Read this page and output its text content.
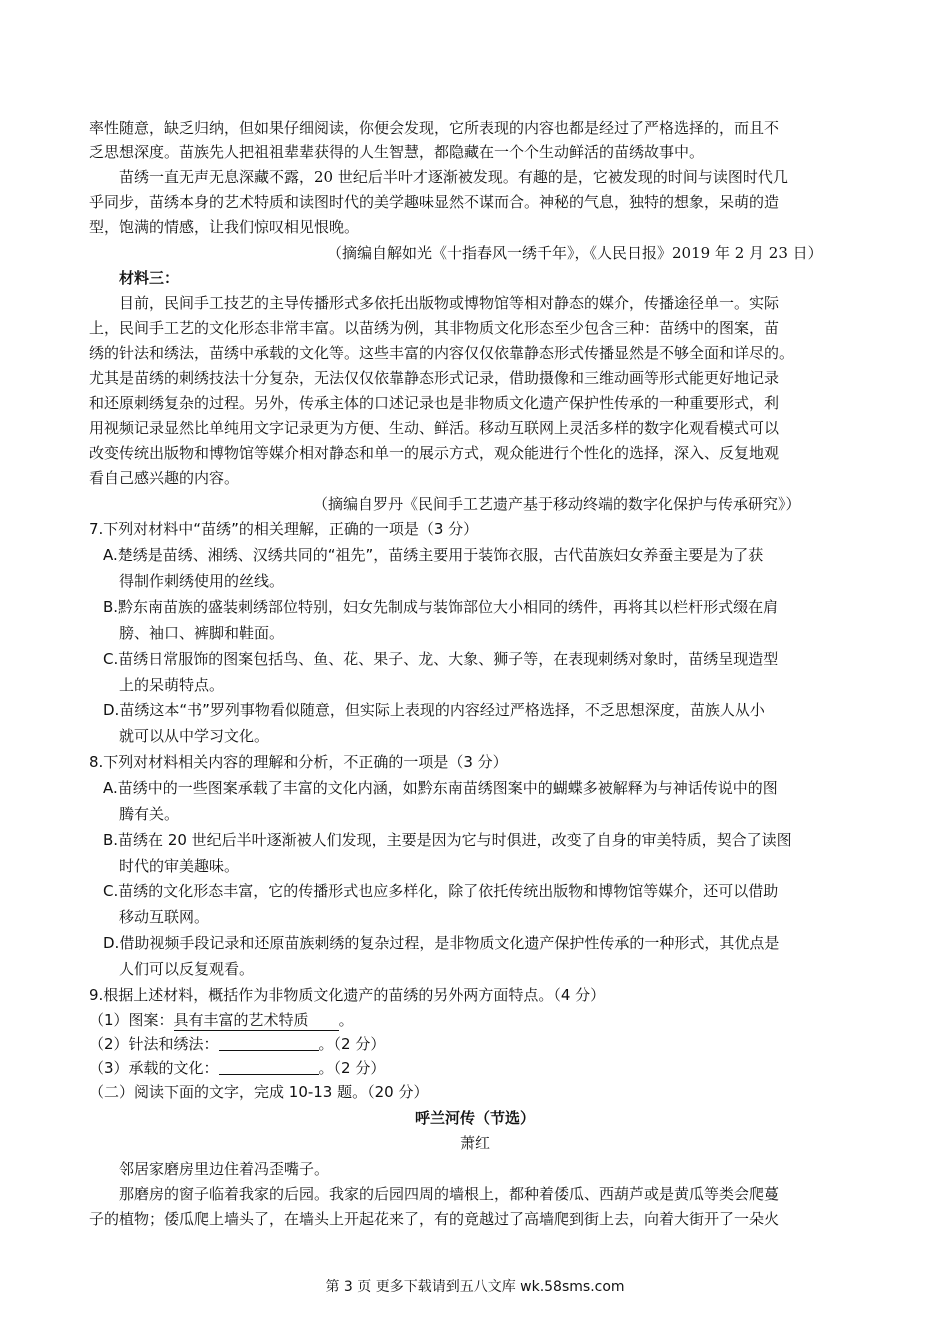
率性随意，缺乏归纳，但如果仔细阅读，你便会发现，它所表现的内容也都是经过了严格选择的，而且不
乏思想深度。苗族先人把祖祖辈辈获得的人生智慧，都隐藏在一个个生动鲜活的苗绣故事中。
苗绣一直无声无息深藏不露，20 世纪后半叶才逐渐被发现。有趣的是，它被发现的时间与读图时代几
乎同步，苗绣本身的艺术特质和读图时代的美学趣味显然不谋而合。神秘的气息，独特的想象，呆萌的造
型，饱满的情感，让我们惊叹相见恨晚。
（摘编自解如光《十指春风一绣千年》，《人民日报》2019 年 2 月 23 日）
材料三：
目前，民间手工技艺的主导传播形式多依托出版物或博物馆等相对静态的媒介，传播途径单一。实际
上，民间手工艺的文化形态非常丰富。以苗绣为例，其非物质文化形态至少包含三种：苗绣中的图案，苗
绣的针法和绣法，苗绣中承载的文化等。这些丰富的内容仅仅依靠静态形式传播显然是不够全面和详尽的。
尤其是苗绣的刺绣技法十分复杂，无法仅仅依靠静态形式记录，借助摄像和三维动画等形式能更好地记录
和还原刺绣复杂的过程。另外，传承主体的口述记录也是非物质文化遗产保护性传承的一种重要形式，利
用视频记录显然比单纯用文字记录更为方便、生动、鲜活。移动互联网上灵活多样的数字化观看模式可以
改变传统出版物和博物馆等媒介相对静态和单一的展示方式，观众能进行个性化的选择，深入、反复地观
看自己感兴趣的内容。
（摘编自罗丹《民间手工艺遗产基于移动终端的数字化保护与传承研究》）
7.下列对材料中“苗绣”的相关理解，正确的一项是（3 分）
A.楚绣是苗绣、湘绣、汉绣共同的“祖先”，苗绣主要用于装饰衣服，古代苗族妇女养蚕主要是为了获
得制作刺绣使用的丝线。
B.黔东南苗族的盛装刺绣部位特别，妇女先制成与装饰部位大小相同的绣件，再将其以栏杆形式缀在肩
膀、袖口、裤脚和鞋面。
C.苗绣日常服饰的图案包括鸟、鱼、花、果子、龙、大象、狮子等，在表现刺绣对象时，苗绣呈现造型
上的呆萌特点。
D.苗绣这本“书”罗列事物看似随意，但实际上表现的内容经过严格选择，不乏思想深度，苗族人从小
就可以从中学习文化。
8.下列对材料相关内容的理解和分析，不正确的一项是（3 分）
A.苗绣中的一些图案承载了丰富的文化内涵，如黔东南苗绣图案中的蝴蝶多被解释为与神话传说中的图
腾有关。
B.苗绣在 20 世纪后半叶逐渐被人们发现，主要是因为它与时俱进，改变了自身的审美特质，契合了读图
时代的审美趣味。
C.苗绣的文化形态丰富，它的传播形式也应多样化，除了依托传统出版物和博物馆等媒介，还可以借助
移动互联网。
D.借助视频手段记录和还原苗族刺绣的复杂过程，是非物质文化遗产保护性传承的一种形式，其优点是
人们可以反复观看。
9.根据上述材料，概括作为非物质文化遗产的苗绣的另外两方面特点。（4 分）
（1）图案：具有丰富的艺术特质 。
（2）针法和绣法：	。（2 分）
（3）承载的文化：	。（2 分）
（二）阅读下面的文字，完成 10-13 题。（20 分）
呼兰河传（节选）
萧红
邻居家磨房里边住着冯歪嘴子。
那磨房的窗子临着我家的后园。我家的后园四周的墙根上，都种着倭瓜、西葫芦或是黄瓜等类会爬蔓
子的植物；倭瓜爬上墙头了，在墙头上开起花来了，有的竟越过了高墙爬到街上去，向着大街开了一朵火
第 3 页 更多下载请到五八文库 wk.58sms.com
